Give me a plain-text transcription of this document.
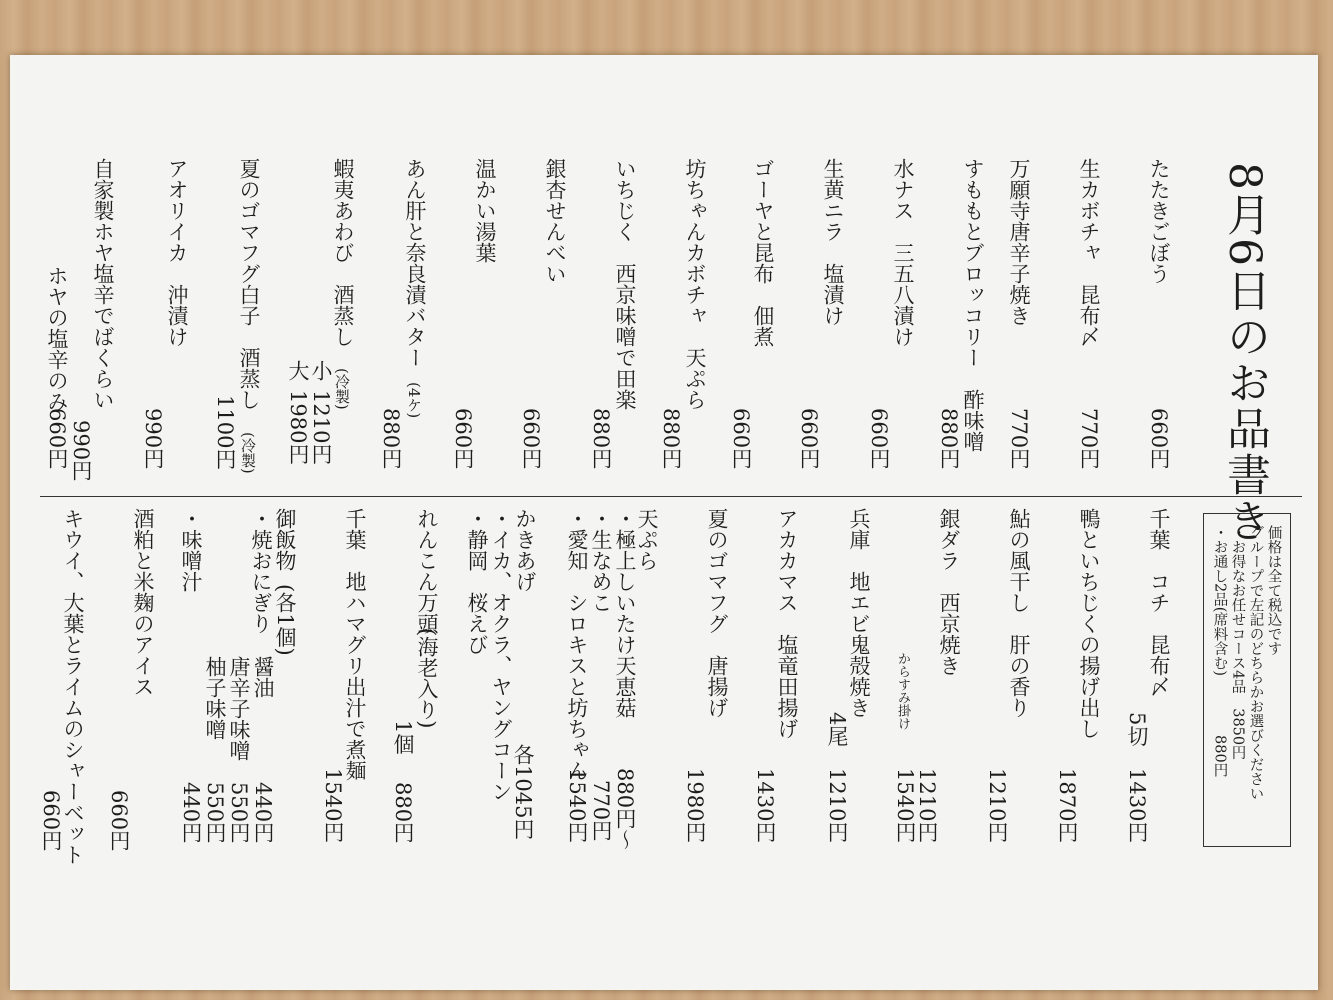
8月6日のお品書き
たたきごぼう
660円
生カボチャ　昆布〆
770円
万願寺唐辛子焼き
770円
すももとブロッコリー　酢味噌
880円
水ナス　三五八漬け
660円
生黄ニラ　塩漬け
660円
ゴーヤと昆布　佃煮
660円
坊ちゃんカボチャ　天ぷら
880円
いちじく　西京味噌で田楽
880円
銀杏せんべい
660円
温かい湯葉
660円
あん肝と奈良漬バター
(4ケ)
880円
蝦夷あわび　酒蒸し
(冷製)
小
1210円
大
1980円
夏のゴマフグ白子　酒蒸し
(冷製)
1100円
アオリイカ　沖漬け
990円
自家製ホヤ塩辛でばくらい
990円
ホヤの塩辛のみ
660円
価格は全て税込です
グループで左記のどちらかお選びください
・お得なお任せコース4品　3850円
・お通し2品(席料含む)
880円
千葉　コチ　昆布〆
5切
1430円
鴨といちじくの揚げ出し
1870円
鮎の風干し　肝の香り
1210円
銀ダラ　西京焼き
からすみ掛け
1210円
1540円
兵庫　地エビ鬼殻焼き
4尾
1210円
アカカマス　塩竜田揚げ
1430円
夏のゴマフグ　唐揚げ
1980円
天ぷら
・極上しいたけ天恵菇
880円〜
・生なめこ
770円
・愛知　シロキスと坊ちゃん
1540円
かきあげ
・イカ、オクラ、ヤングコーン
・静岡　桜えび
各1045円
れんこん万頭
(海老入り)
1個
880円
千葉　地ハマグリ出汁で煮麺
1540円
御飯物
(各1個)
・焼おにぎり
醤油
440円
唐辛子味噌
550円
柚子味噌
550円
・味噌汁
440円
酒粕と米麹のアイス
660円
キウイ、大葉とライムのシャーベット
660円
